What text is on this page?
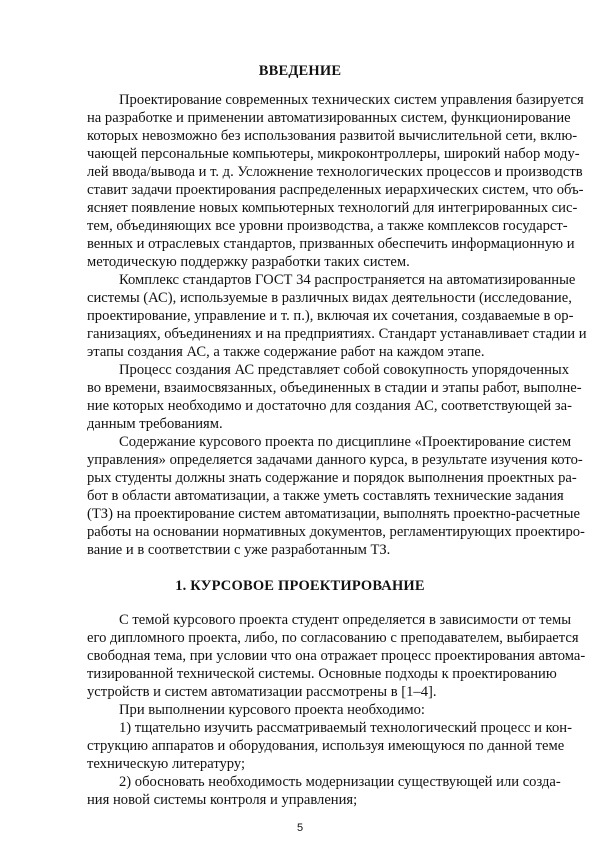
ВВЕДЕНИЕ
Проектирование современных технических систем управления базируется
на разработке и применении автоматизированных систем, функционирование
которых невозможно без использования развитой вычислительной сети, вклю-
чающей персональные компьютеры, микроконтроллеры, широкий набор моду-
лей ввода/вывода и т. д. Усложнение технологических процессов и производств
ставит задачи проектирования распределенных иерархических систем, что объ-
ясняет появление новых компьютерных технологий для интегрированных сис-
тем, объединяющих все уровни производства, а также комплексов государст-
венных и отраслевых стандартов, призванных обеспечить информационную и
методическую поддержку разработки таких систем.
Комплекс стандартов ГОСТ 34 распространяется на автоматизированные
системы (АС), используемые в различных видах деятельности (исследование,
проектирование, управление и т. п.), включая их сочетания, создаваемые в ор-
ганизациях, объединениях и на предприятиях. Стандарт устанавливает стадии и
этапы создания АС, а также содержание работ на каждом этапе.
Процесс создания АС представляет собой совокупность упорядоченных
во времени, взаимосвязанных, объединенных в стадии и этапы работ, выполне-
ние которых необходимо и достаточно для создания АС, соответствующей за-
данным требованиям.
Содержание курсового проекта по дисциплине «Проектирование систем
управления» определяется задачами данного курса, в результате изучения кото-
рых студенты должны знать содержание и порядок выполнения проектных ра-
бот в области автоматизации, а также уметь составлять технические задания
(ТЗ) на проектирование систем автоматизации, выполнять проектно-расчетные
работы на основании нормативных документов, регламентирующих проектиро-
вание и в соответствии с уже разработанным ТЗ.
1. КУРСОВОЕ ПРОЕКТИРОВАНИЕ
С темой курсового проекта студент определяется в зависимости от темы
его дипломного проекта, либо, по согласованию с преподавателем, выбирается
свободная тема, при условии что она отражает процесс проектирования автома-
тизированной технической системы. Основные подходы к проектированию
устройств и систем автоматизации рассмотрены в [1–4].
При выполнении курсового проекта необходимо:
1) тщательно изучить рассматриваемый технологический процесс и кон-
струкцию аппаратов и оборудования, используя имеющуюся по данной теме
техническую литературу;
2) обосновать необходимость модернизации существующей или созда-
ния новой системы контроля и управления;
5
